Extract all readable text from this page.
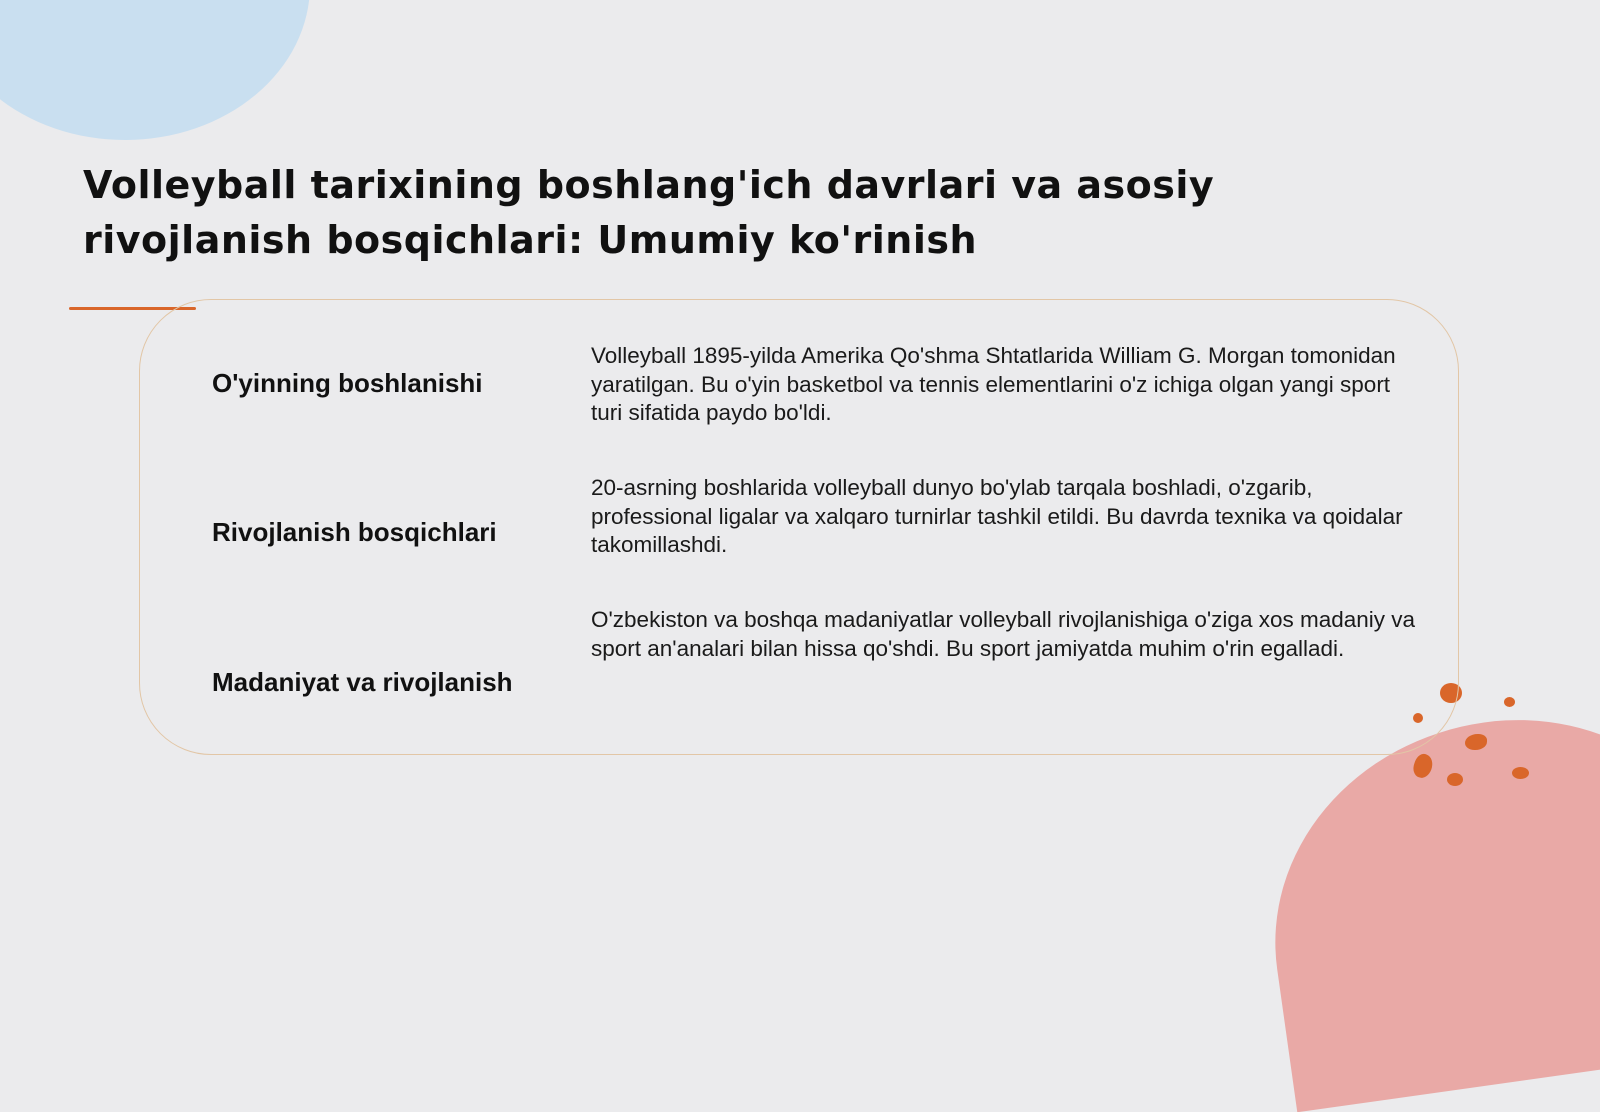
Volleyball tarixining boshlang'ich davrlari va asosiy rivojlanish bosqichlari: Umumiy ko'rinish

O'yinning boshlanishi

Volleyball 1895-yilda Amerika Qo'shma Shtatlarida William G. Morgan tomonidan yaratilgan. Bu o'yin basketbol va tennis elementlarini o'z ichiga olgan yangi sport turi sifatida paydo bo'ldi.

Rivojlanish bosqichlari

20-asrning boshlarida volleyball dunyo bo'ylab tarqala boshladi, o'zgarib, professional ligalar va xalqaro turnirlar tashkil etildi. Bu davrda texnika va qoidalar takomillashdi.

Madaniyat va rivojlanish

O'zbekiston va boshqa madaniyatlar volleyball rivojlanishiga o'ziga xos madaniy va sport an'analari bilan hissa qo'shdi. Bu sport jamiyatda muhim o'rin egalladi.
